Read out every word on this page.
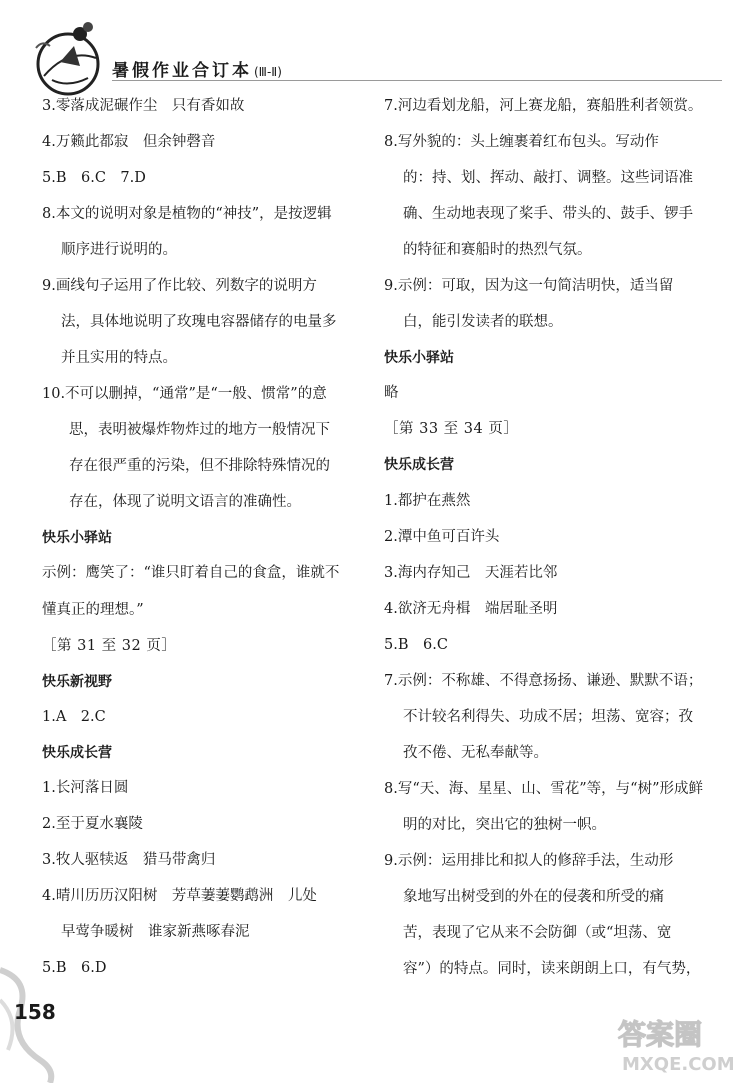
暑假作业合订本 (Ⅲ-Ⅱ)
3.零落成泥碾作尘　只有香如故
4.万籁此都寂　但余钟磬音
5.B　6.C　7.D
8.本文的说明对象是植物的“神技”，是按逻辑
顺序进行说明的。
9.画线句子运用了作比较、列数字的说明方
法，具体地说明了玫瑰电容器储存的电量多
并且实用的特点。
10.不可以删掉，“通常”是“一般、惯常”的意
思，表明被爆炸物炸过的地方一般情况下
存在很严重的污染，但不排除特殊情况的
存在，体现了说明文语言的准确性。
快乐小驿站
示例：鹰笑了：“谁只盯着自己的食盒，谁就不
懂真正的理想。”
［第 31 至 32 页］
快乐新视野
1.A　2.C
快乐成长营
1.长河落日圆
2.至于夏水襄陵
3.牧人驱犊返　猎马带禽归
4.晴川历历汉阳树　芳草萋萋鹦鹉洲　儿处
早莺争暖树　谁家新燕啄春泥
5.B　6.D
7.河边看划龙船，河上赛龙船，赛船胜利者领赏。
8.写外貌的：头上缠裹着红布包头。写动作
的：持、划、挥动、敲打、调整。这些词语准
确、生动地表现了桨手、带头的、鼓手、锣手
的特征和赛船时的热烈气氛。
9.示例：可取，因为这一句简洁明快，适当留
白，能引发读者的联想。
快乐小驿站
略
［第 33 至 34 页］
快乐成长营
1.都护在燕然
2.潭中鱼可百许头
3.海内存知己　天涯若比邻
4.欲济无舟楫　端居耻圣明
5.B　6.C
7.示例：不称雄、不得意扬扬、谦逊、默默不语；
不计较名利得失、功成不居；坦荡、宽容；孜
孜不倦、无私奉献等。
8.写“天、海、星星、山、雪花”等，与“树”形成鲜
明的对比，突出它的独树一帜。
9.示例：运用排比和拟人的修辞手法，生动形
象地写出树受到的外在的侵袭和所受的痛
苦，表现了它从来不会防御（或“坦荡、宽
容”）的特点。同时，读来朗朗上口，有气势，
158
答案圈
MXQE.COM
